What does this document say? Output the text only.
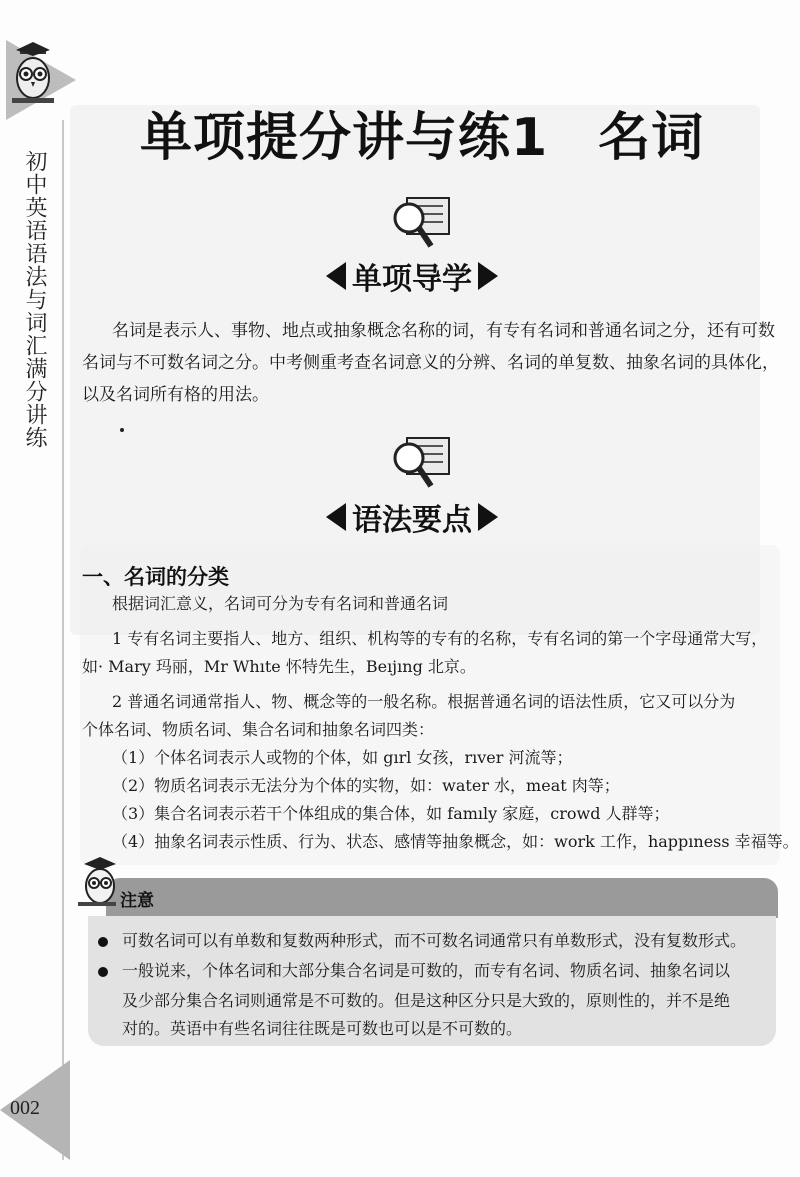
初中英语语法与词汇满分讲练
002
单项提分讲与练1 名词
单项导学
名词是表示人、事物、地点或抽象概念名称的词，有专有名词和普通名词之分，还有可数
名词与不可数名词之分。中考侧重考查名词意义的分辨、名词的单复数、抽象名词的具体化，
以及名词所有格的用法。
语法要点
一、名词的分类
根据词汇意义，名词可分为专有名词和普通名词
1 专有名词主要指人、地方、组织、机构等的专有的名称，专有名词的第一个字母通常大写，
如· Mary 玛丽，Mr Whıte 怀特先生，Beıjıng 北京。
2 普通名词通常指人、物、概念等的一般名称。根据普通名词的语法性质，它又可以分为
个体名词、物质名词、集合名词和抽象名词四类：
（1）个体名词表示人或物的个体，如 gırl 女孩，rıver 河流等；
（2）物质名词表示无法分为个体的实物，如：water 水，meat 肉等；
（3）集合名词表示若干个体组成的集合体，如 famıly 家庭，crowd 人群等；
（4）抽象名词表示性质、行为、状态、感情等抽象概念，如：work 工作，happıness 幸福等。
注意
可数名词可以有单数和复数两种形式，而不可数名词通常只有单数形式，没有复数形式。
一般说来，个体名词和大部分集合名词是可数的，而专有名词、物质名词、抽象名词以
及少部分集合名词则通常是不可数的。但是这种区分只是大致的，原则性的，并不是绝
对的。英语中有些名词往往既是可数也可以是不可数的。
